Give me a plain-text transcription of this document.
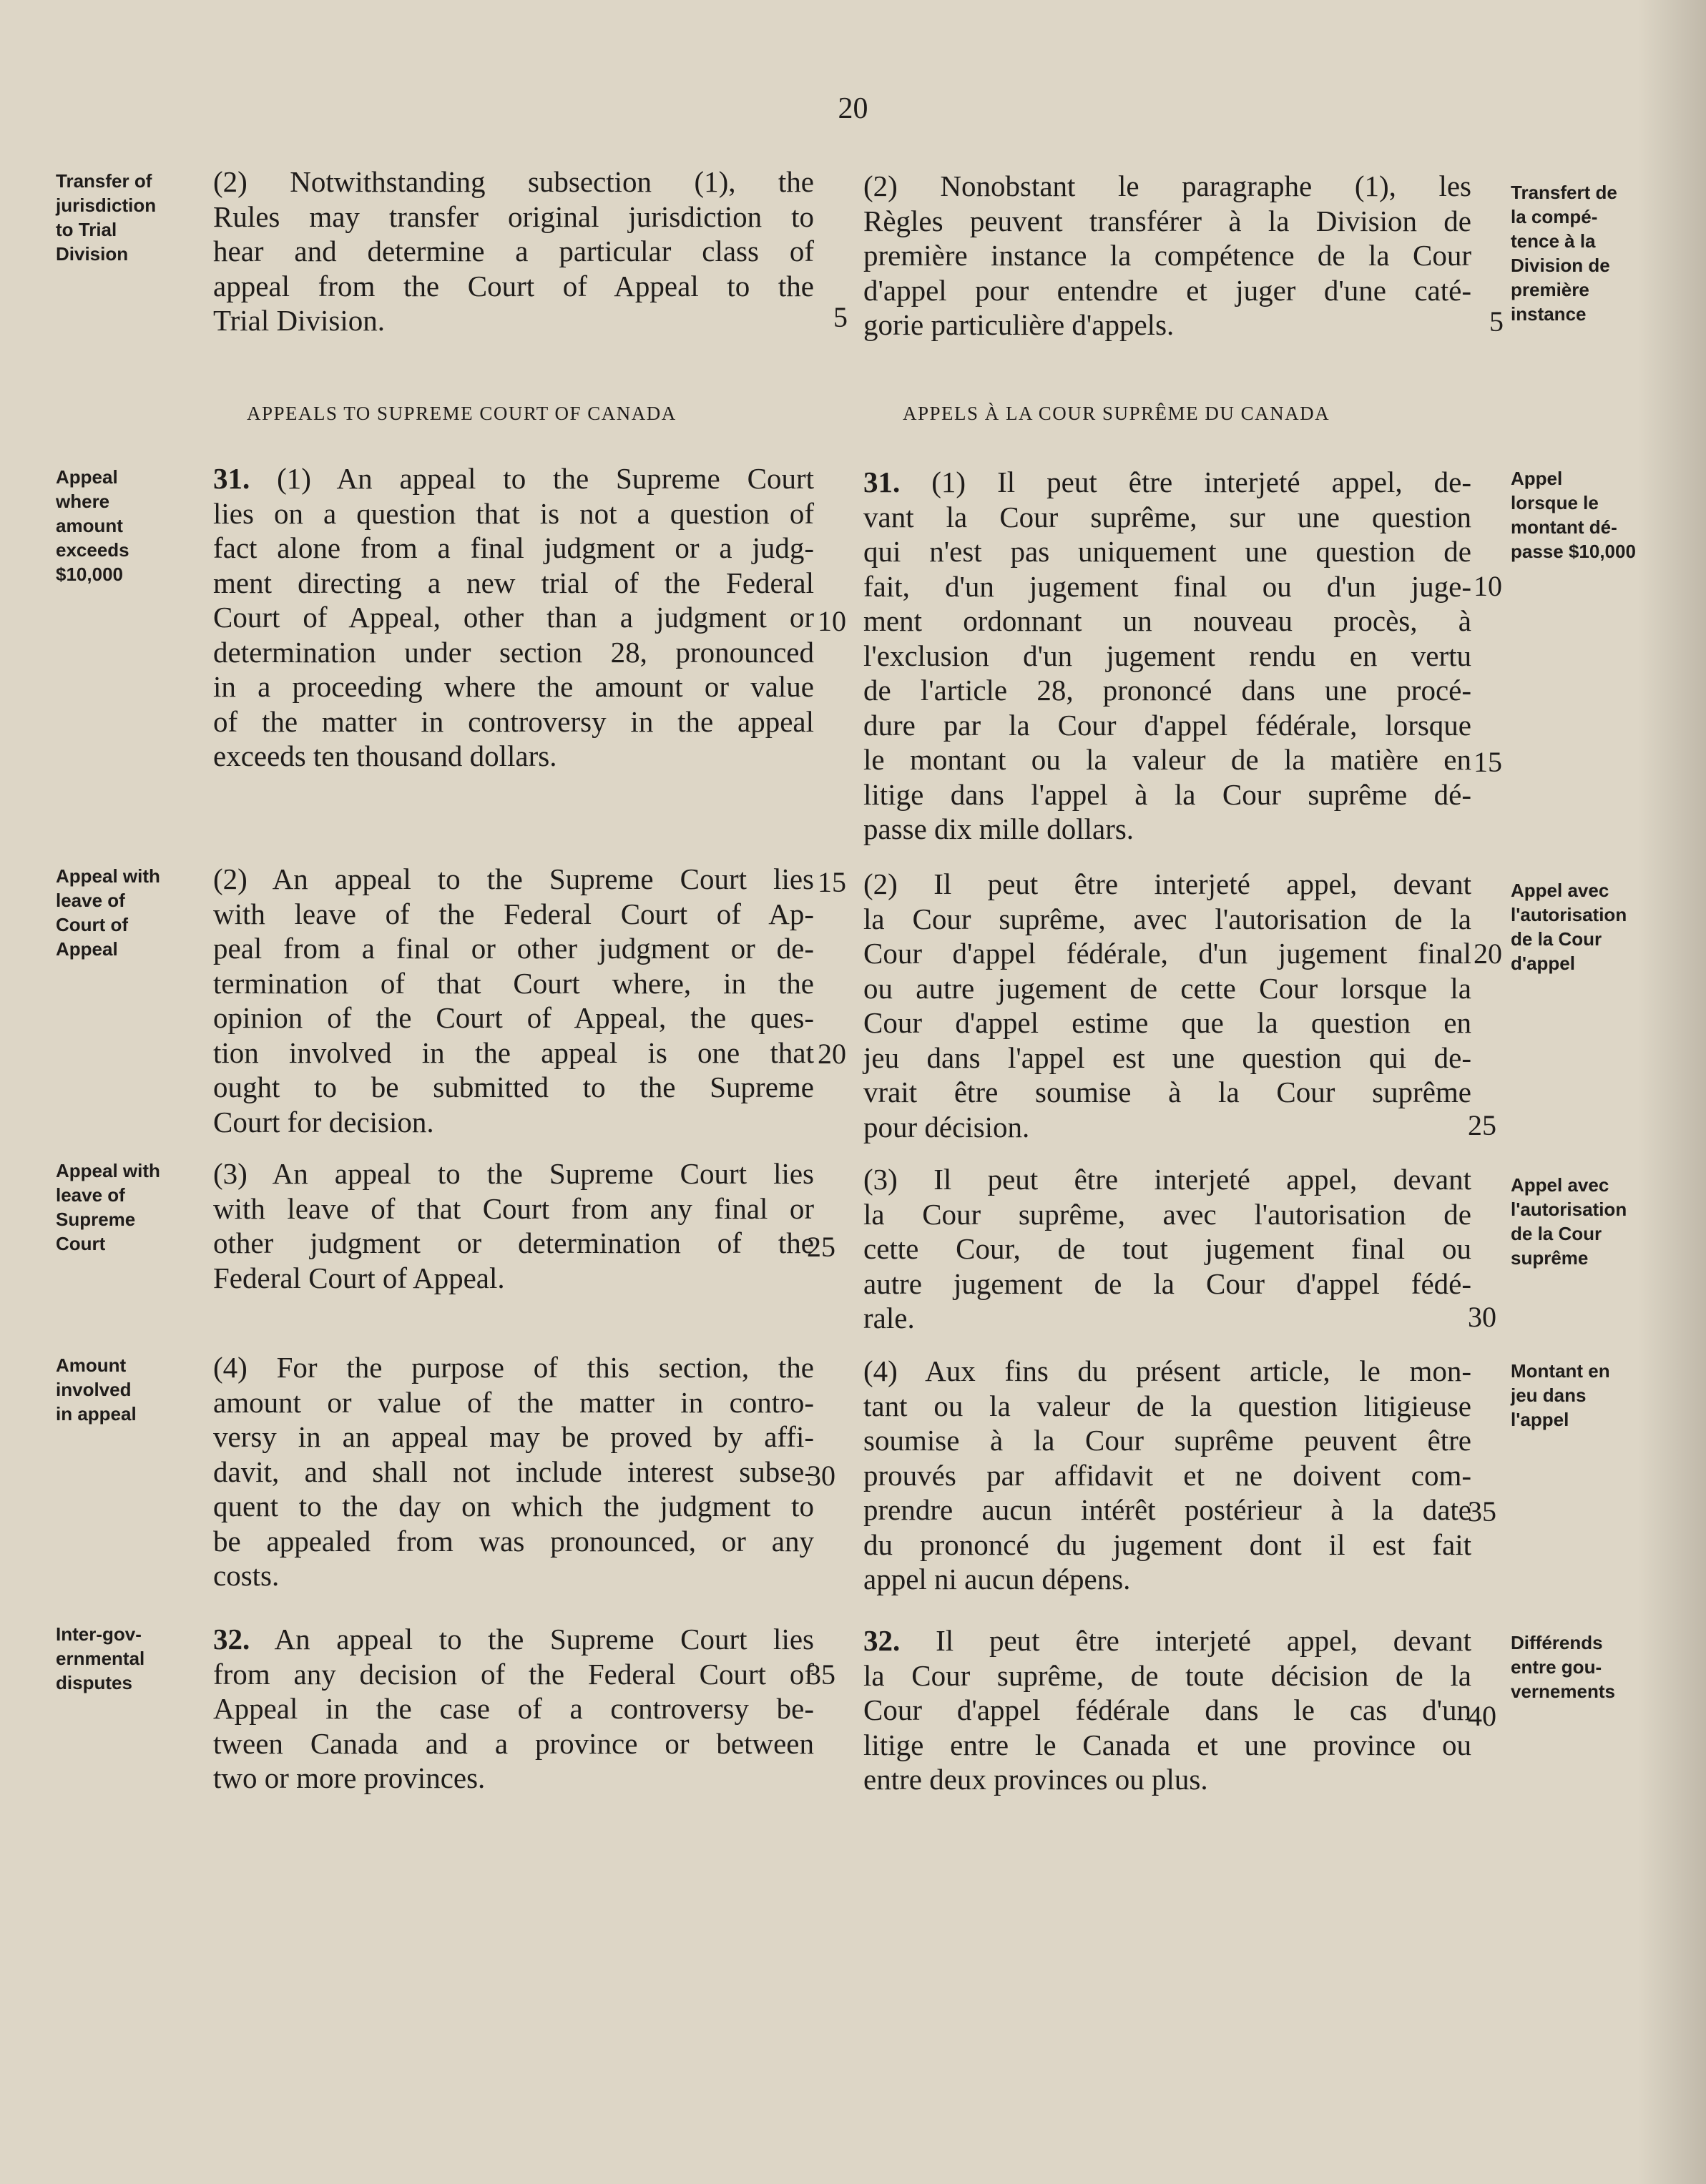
20
APPEALS TO SUPREME COURT OF CANADA	APPELS À LA COUR SUPRÊME DU CANADA
Transfer of
jurisdiction
to Trial
Division
Appeal
where
amount
exceeds
$10,000
Appeal with
leave of
Court of
Appeal
Appeal with
leave of
Supreme
Court
Amount
involved
in appeal
Inter-gov-
ernmental
disputes
Transfert de
la compé-
tence à la
Division de
première
instance
Appel
lorsque le
montant dé-
passe $10,000
Appel avec
l'autorisation
de la Cour
d'appel
Appel avec
l'autorisation
de la Cour
suprême
Montant en
jeu dans
l'appel
Différends
entre gou-
vernements
(2) Notwithstanding subsection (1), the
Rules may transfer original jurisdiction to
hear and determine a particular class of
appeal from the Court of Appeal to the
Trial Division.
31. (1) An appeal to the Supreme Court
lies on a question that is not a question of
fact alone from a final judgment or a judg-
ment directing a new trial of the Federal
Court of Appeal, other than a judgment or
determination under section 28, pronounced
in a proceeding where the amount or value
of the matter in controversy in the appeal
exceeds ten thousand dollars.
(2) An appeal to the Supreme Court lies
with leave of the Federal Court of Ap-
peal from a final or other judgment or de-
termination of that Court where, in the
opinion of the Court of Appeal, the ques-
tion involved in the appeal is one that
ought to be submitted to the Supreme
Court for decision.
(3) An appeal to the Supreme Court lies
with leave of that Court from any final or
other judgment or determination of the
Federal Court of Appeal.
(4) For the purpose of this section, the
amount or value of the matter in contro-
versy in an appeal may be proved by affi-
davit, and shall not include interest subse-
quent to the day on which the judgment to
be appealed from was pronounced, or any
costs.
32. An appeal to the Supreme Court lies
from any decision of the Federal Court of
Appeal in the case of a controversy be-
tween Canada and a province or between
two or more provinces.
(2) Nonobstant le paragraphe (1), les
Règles peuvent transférer à la Division de
première instance la compétence de la Cour
d'appel pour entendre et juger d'une caté-
gorie particulière d'appels.
31. (1) Il peut être interjeté appel, de-
vant la Cour suprême, sur une question
qui n'est pas uniquement une question de
fait, d'un jugement final ou d'un juge-
ment ordonnant un nouveau procès, à
l'exclusion d'un jugement rendu en vertu
de l'article 28, prononcé dans une procé-
dure par la Cour d'appel fédérale, lorsque
le montant ou la valeur de la matière en
litige dans l'appel à la Cour suprême dé-
passe dix mille dollars.
(2) Il peut être interjeté appel, devant
la Cour suprême, avec l'autorisation de la
Cour d'appel fédérale, d'un jugement final
ou autre jugement de cette Cour lorsque la
Cour d'appel estime que la question en
jeu dans l'appel est une question qui de-
vrait être soumise à la Cour suprême
pour décision.
(3) Il peut être interjeté appel, devant
la Cour suprême, avec l'autorisation de
cette Cour, de tout jugement final ou
autre jugement de la Cour d'appel fédé-
rale.
(4) Aux fins du présent article, le mon-
tant ou la valeur de la question litigieuse
soumise à la Cour suprême peuvent être
prouvés par affidavit et ne doivent com-
prendre aucun intérêt postérieur à la date
du prononcé du jugement dont il est fait
appel ni aucun dépens.
32. Il peut être interjeté appel, devant
la Cour suprême, de toute décision de la
Cour d'appel fédérale dans le cas d'un
litige entre le Canada et une province ou
entre deux provinces ou plus.
5
10
15
20
25
30
35
5
10
15
20
25
30
35
40
